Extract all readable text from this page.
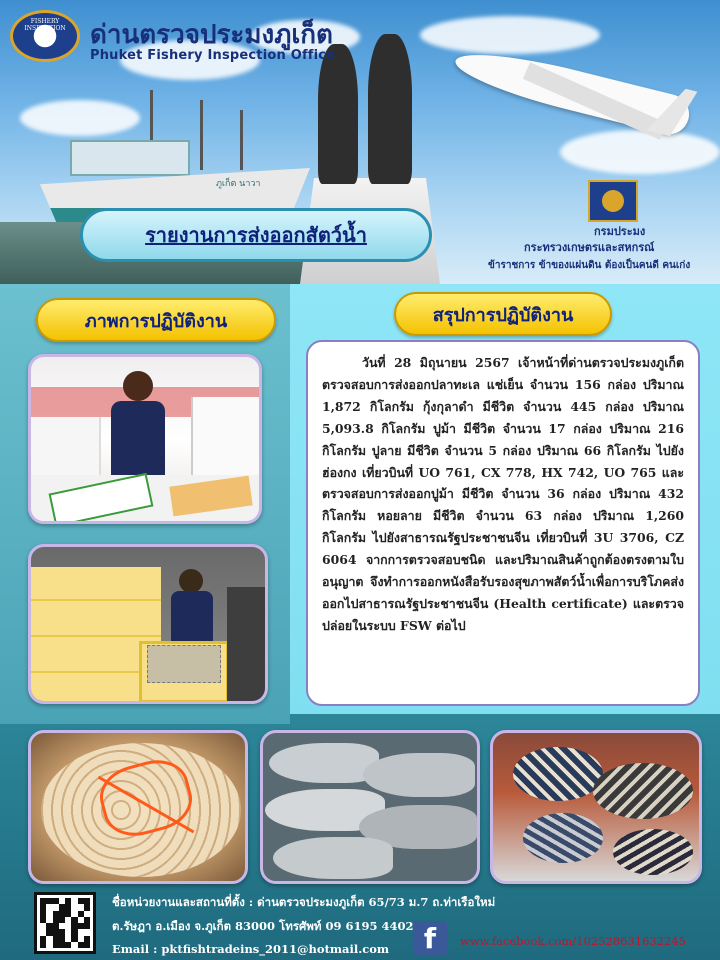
ภูเก็ต นาวา
FISHERY INSPECTION ด่านตรวจประมงภูเก็ต
Phuket Fishery Inspection Office
รายงานการส่งออกสัตว์น้ำ	กรมประมง
กระทรวงเกษตรและสหกรณ์
ข้าราชการ ข้าของแผ่นดิน ต้องเป็นคนดี คนเก่ง
ภาพการปฏิบัติงาน	สรุปการปฏิบัติงาน

วันที่ 28 มิถุนายน 2567 เจ้าหน้าที่ด่านตรวจประมงภูเก็ต ตรวจสอบการส่งออกปลาทะเล แช่เย็น จำนวน 156 กล่อง ปริมาณ 1,872 กิโลกรัม กุ้งกุลาดำ มีชีวิต จำนวน 445 กล่อง ปริมาณ 5,093.8 กิโลกรัม ปูม้า มีชีวิต จำนวน 17 กล่อง ปริมาณ 216 กิโลกรัม ปูลาย มีชีวิต จำนวน 5 กล่อง ปริมาณ 66 กิโลกรัม ไปยังฮ่องกง เที่ยวบินที่ UO 761, CX 778, HX 742, UO 765 และตรวจสอบการส่งออกปูม้า มีชีวิต จำนวน 36 กล่อง ปริมาณ 432 กิโลกรัม หอยลาย มีชีวิต จำนวน 63 กล่อง ปริมาณ 1,260 กิโลกรัม ไปยังสาธารณรัฐประชาชนจีน เที่ยวบินที่ 3U 3706, CZ 6064 จากการตรวจสอบชนิด และปริมาณสินค้าถูกต้องตรงตามใบอนุญาต จึงทำการออกหนังสือรับรองสุขภาพสัตว์น้ำเพื่อการบริโภคส่งออกไปสาธารณรัฐประชาชนจีน (Health certificate) และตรวจปล่อยในระบบ FSW ต่อไป

ชื่อหน่วยงานและสถานที่ตั้ง : ด่านตรวจประมงภูเก็ต 65/73 ม.7 ถ.ท่าเรือใหม่
ต.รัษฎา อ.เมือง จ.ภูเก็ต 83000 โทรศัพท์ 09 6195 4402
Email : pktfishtradeins_2011@hotmail.com	f	www.facebook.com/102528631632245
